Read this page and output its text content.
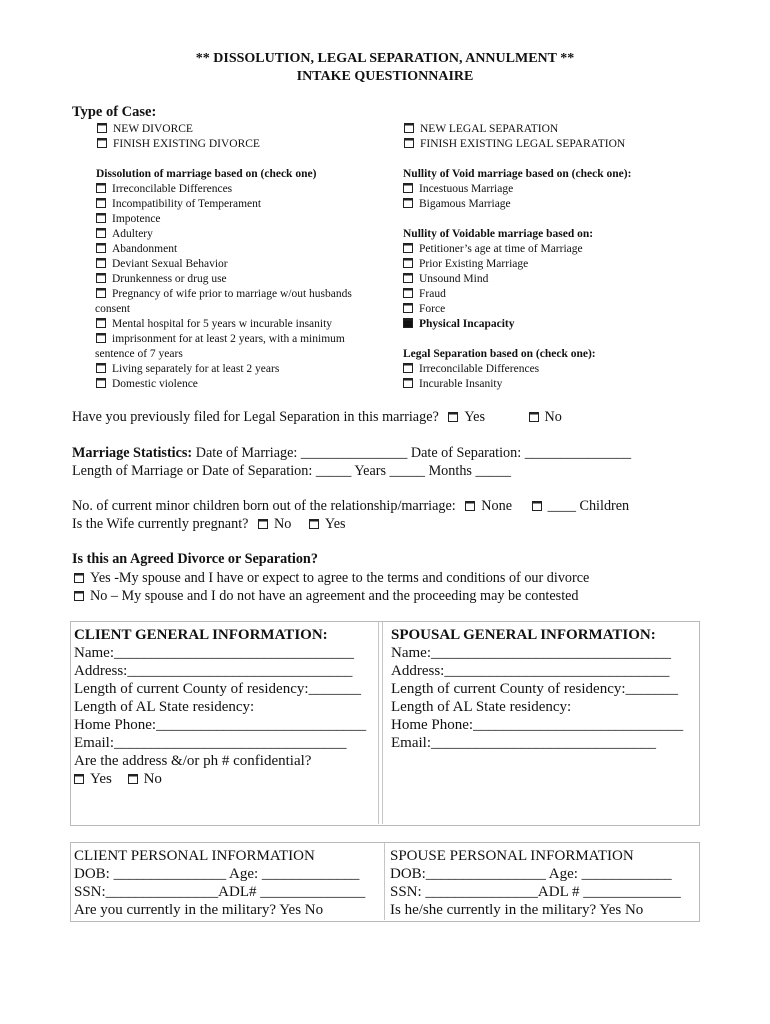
** DISSOLUTION, LEGAL SEPARATION, ANNULMENT **
INTAKE QUESTIONNAIRE
Type of Case:
NEW DIVORCE
FINISH EXISTING DIVORCE
NEW LEGAL SEPARATION
FINISH EXISTING LEGAL SEPARATION
Dissolution of marriage based on (check one)
Irreconcilable Differences
Incompatibility of Temperament
Impotence
Adultery
Abandonment
Deviant Sexual Behavior
Drunkenness or drug use
Pregnancy of wife prior to marriage w/out husbands
consent
Mental hospital for 5 years w incurable insanity
imprisonment for at least 2 years, with a minimum
sentence of 7 years
Living separately for at least 2 years
Domestic violence
Nullity of Void marriage based on (check one):
Incestuous Marriage
Bigamous Marriage
Nullity of Voidable marriage based on:
Petitioner’s age at time of Marriage
Prior Existing Marriage
Unsound Mind
Fraud
Force
Physical Incapacity
Legal Separation based on (check one):
Irreconcilable Differences
Incurable Insanity
Have you previously filed for Legal Separation in this marriage? Yes	No
Marriage Statistics: Date of Marriage: _______________ Date of Separation: _______________
Length of Marriage or Date of Separation: _____ Years _____ Months _____
No. of current minor children born out of the relationship/marriage: None	____ Children
Is the Wife currently pregnant? No Yes
Is this an Agreed Divorce or Separation?
Yes -My spouse and I have or expect to agree to the terms and conditions of our divorce
No – My spouse and I do not have an agreement and the proceeding may be contested
CLIENT GENERAL INFORMATION:
Name:________________________________
Address:______________________________
Length of current County of residency:_______
Length of AL State residency:
Home Phone:____________________________
Email:_______________________________
Are the address &/or ph # confidential?
Yes No
SPOUSAL GENERAL INFORMATION:
Name:________________________________
Address:______________________________
Length of current County of residency:_______
Length of AL State residency:
Home Phone:____________________________
Email:______________________________
CLIENT PERSONAL INFORMATION
DOB: _______________ Age: _____________
SSN:_______________ADL# ______________
Are you currently in the military? Yes No
SPOUSE PERSONAL INFORMATION
DOB:________________ Age: ____________
SSN: _______________ADL # _____________
Is he/she currently in the military? Yes No
